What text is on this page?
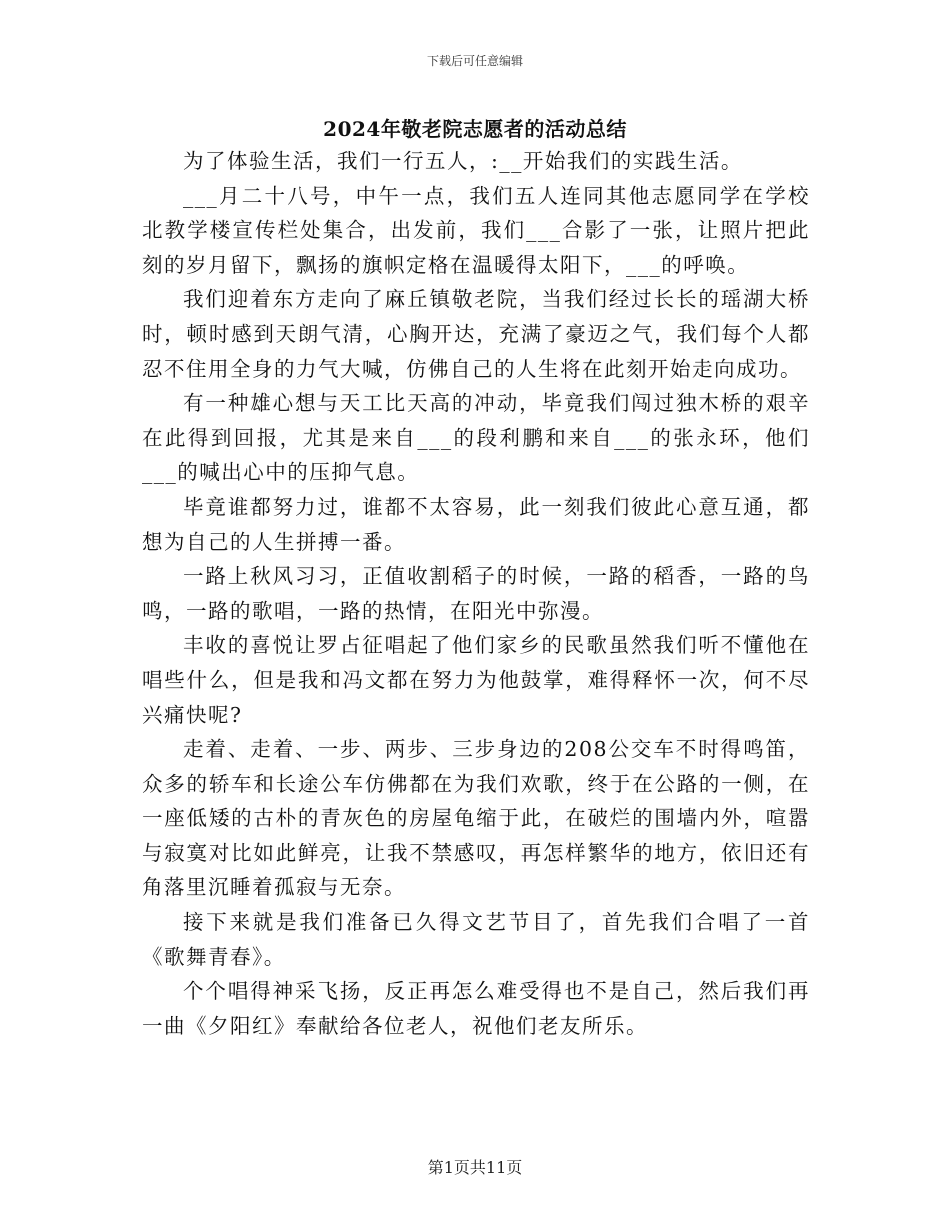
下载后可任意编辑
2024年敬老院志愿者的活动总结

为了体验生活，我们一行五人，:__开始我们的实践生活。

___月二十八号，中午一点，我们五人连同其他志愿同学在学校北教学楼宣传栏处集合，出发前，我们___合影了一张，让照片把此刻的岁月留下，飘扬的旗帜定格在温暖得太阳下，___的呼唤。

我们迎着东方走向了麻丘镇敬老院，当我们经过长长的瑶湖大桥时，顿时感到天朗气清，心胸开达，充满了豪迈之气，我们每个人都忍不住用全身的力气大喊，仿佛自己的人生将在此刻开始走向成功。

有一种雄心想与天工比天高的冲动，毕竟我们闯过独木桥的艰辛在此得到回报，尤其是来自___的段利鹏和来自___的张永环，他们___的喊出心中的压抑气息。

毕竟谁都努力过，谁都不太容易，此一刻我们彼此心意互通，都想为自己的人生拼搏一番。

一路上秋风习习，正值收割稻子的时候，一路的稻香，一路的鸟鸣，一路的歌唱，一路的热情，在阳光中弥漫。

丰收的喜悦让罗占征唱起了他们家乡的民歌虽然我们听不懂他在唱些什么，但是我和冯文都在努力为他鼓掌，难得释怀一次，何不尽兴痛快呢?

走着、走着、一步、两步、三步身边的208公交车不时得鸣笛，众多的轿车和长途公车仿佛都在为我们欢歌，终于在公路的一侧，在一座低矮的古朴的青灰色的房屋龟缩于此，在破烂的围墙内外，喧嚣与寂寞对比如此鲜亮，让我不禁感叹，再怎样繁华的地方，依旧还有角落里沉睡着孤寂与无奈。

接下来就是我们准备已久得文艺节目了，首先我们合唱了一首《歌舞青春》。

个个唱得神采飞扬，反正再怎么难受得也不是自己，然后我们再一曲《夕阳红》奉献给各位老人，祝他们老友所乐。

第1页共11页
